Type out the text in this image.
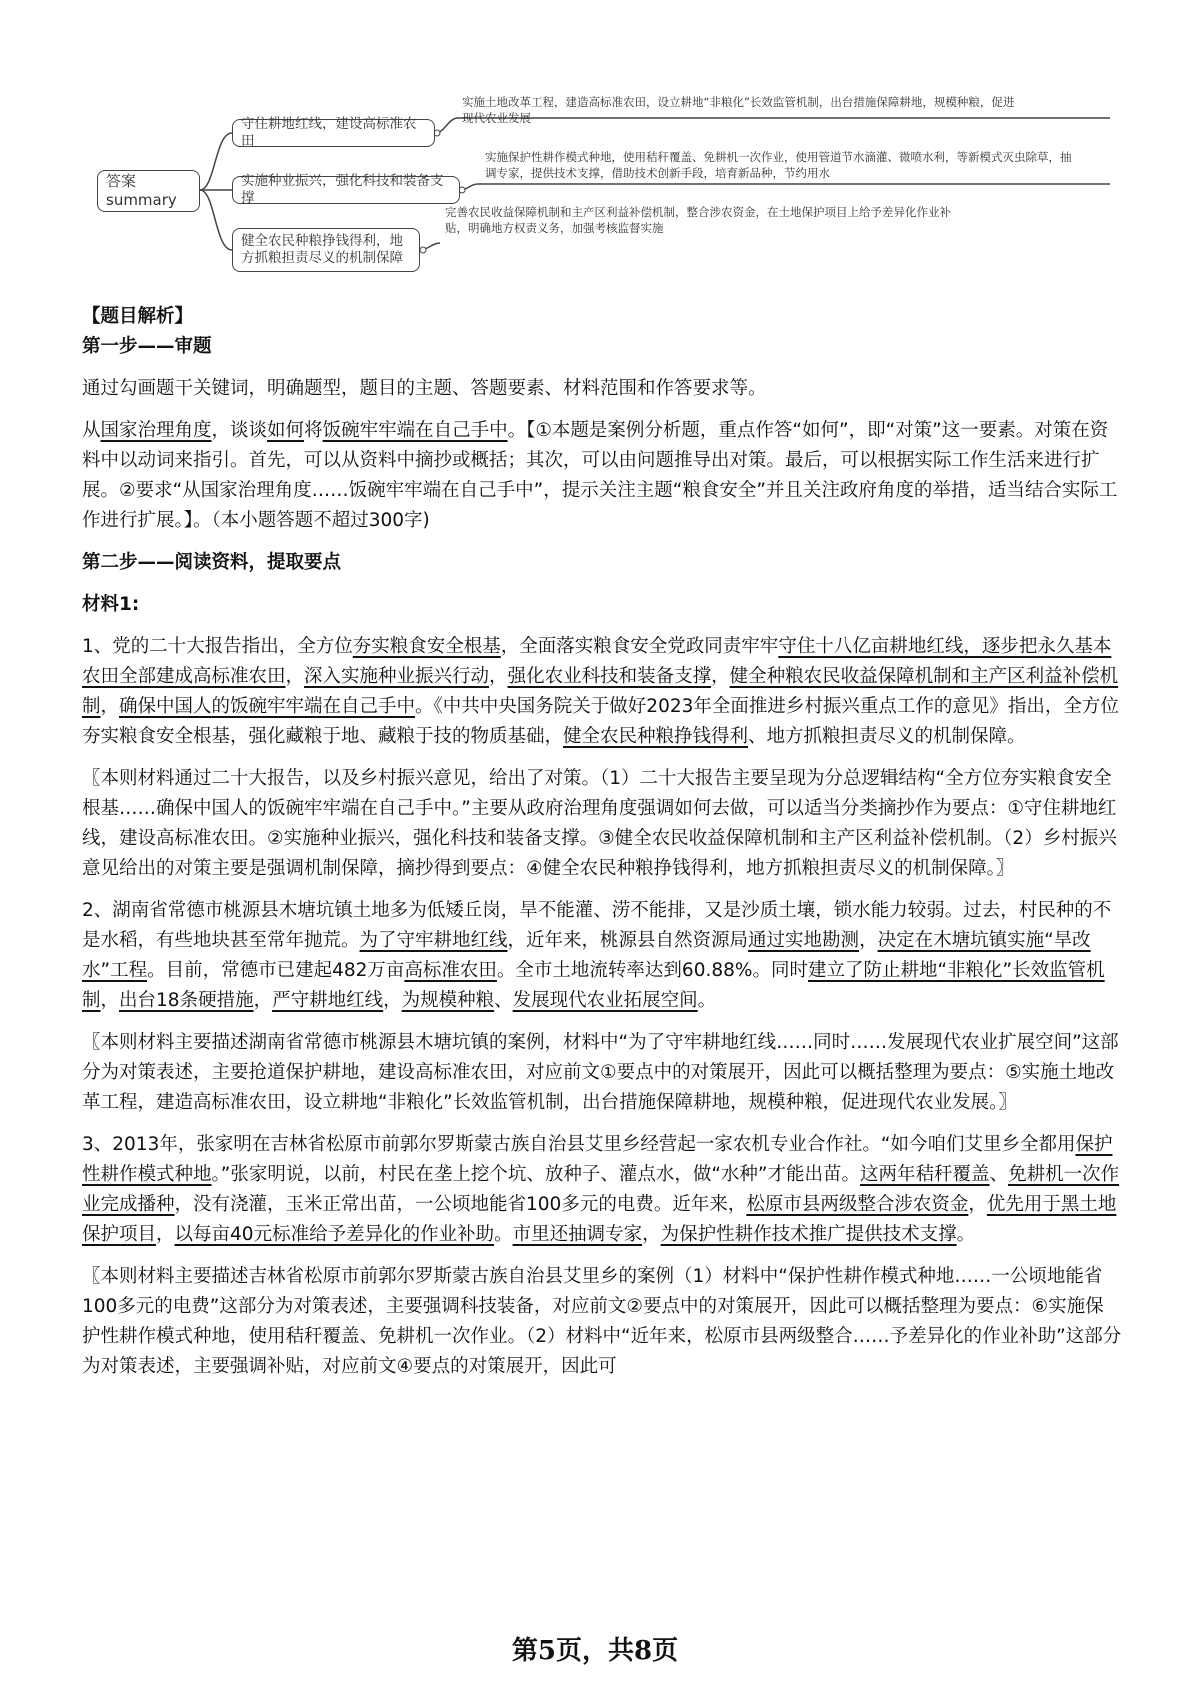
答案summary
守住耕地红线，建设高标准农田
实施种业振兴，强化科技和装备支撑
健全农民种粮挣钱得利，地方抓粮担责尽义的机制保障
实施土地改革工程，建造高标准农田，设立耕地“非粮化”长效监管机制，出台措施保障耕地，规模种粮，促进现代农业发展
实施保护性耕作模式种地，使用秸秆覆盖、免耕机一次作业，使用管道节水滴灌、微喷水利，等新模式灭虫除草，抽调专家，提供技术支撑，借助技术创新手段，培育新品种，节约用水
完善农民收益保障机制和主产区利益补偿机制，整合涉农资金，在土地保护项目上给予差异化作业补贴，明确地方权责义务，加强考核监督实施

【题目解析】

第一步——审题

通过勾画题干关键词，明确题型，题目的主题、答题要素、材料范围和作答要求等。

从国家治理角度，谈谈如何将饭碗牢牢端在自己手中。【①本题是案例分析题，重点作答“如何”，即“对策”这一要素。对策在资料中以动词来指引。首先，可以从资料中摘抄或概括；其次，可以由问题推导出对策。最后，可以根据实际工作生活来进行扩展。②要求“从国家治理角度……饭碗牢牢端在自己手中”，提示关注主题“粮食安全”并且关注政府角度的举措，适当结合实际工作进行扩展。】。（本小题答题不超过300字)

第二步——阅读资料，提取要点

材料1:

1、党的二十大报告指出，全方位夯实粮食安全根基，全面落实粮食安全党政同责牢牢守住十八亿亩耕地红线，逐步把永久基本农田全部建成高标准农田，深入实施种业振兴行动，强化农业科技和装备支撑，健全种粮农民收益保障机制和主产区利益补偿机制，确保中国人的饭碗牢牢端在自己手中。《中共中央国务院关于做好2023年全面推进乡村振兴重点工作的意见》指出，全方位夯实粮食安全根基，强化藏粮于地、藏粮于技的物质基础，健全农民种粮挣钱得利、地方抓粮担责尽义的机制保障。

〖本则材料通过二十大报告，以及乡村振兴意见，给出了对策。（1）二十大报告主要呈现为分总逻辑结构“全方位夯实粮食安全根基……确保中国人的饭碗牢牢端在自己手中。”主要从政府治理角度强调如何去做，可以适当分类摘抄作为要点：①守住耕地红线，建设高标准农田。②实施种业振兴，强化科技和装备支撑。③健全农民收益保障机制和主产区利益补偿机制。（2）乡村振兴意见给出的对策主要是强调机制保障，摘抄得到要点：④健全农民种粮挣钱得利，地方抓粮担责尽义的机制保障。〗

2、湖南省常德市桃源县木塘坑镇土地多为低矮丘岗，旱不能灌、涝不能排，又是沙质土壤，锁水能力较弱。过去，村民种的不是水稻，有些地块甚至常年抛荒。为了守牢耕地红线，近年来，桃源县自然资源局通过实地勘测，决定在木塘坑镇实施“旱改水”工程。目前，常德市已建起482万亩高标准农田。全市土地流转率达到60.88%。同时建立了防止耕地“非粮化”长效监管机制，出台18条硬措施，严守耕地红线，为规模种粮、发展现代农业拓展空间。

〖本则材料主要描述湖南省常德市桃源县木塘坑镇的案例，材料中“为了守牢耕地红线……同时……发展现代农业扩展空间”这部分为对策表述，主要抢道保护耕地，建设高标准农田，对应前文①要点中的对策展开，因此可以概括整理为要点：⑤实施土地改革工程，建造高标准农田，设立耕地“非粮化”长效监管机制，出台措施保障耕地，规模种粮，促进现代农业发展。〗

3、2013年，张家明在吉林省松原市前郭尔罗斯蒙古族自治县艾里乡经营起一家农机专业合作社。“如今咱们艾里乡全都用保护性耕作模式种地。”张家明说，以前，村民在垄上挖个坑、放种子、灌点水，做“水种”才能出苗。这两年秸秆覆盖、免耕机一次作业完成播种，没有浇灌，玉米正常出苗，一公顷地能省100多元的电费。近年来，松原市县两级整合涉农资金，优先用于黑土地保护项目，以每亩40元标准给予差异化的作业补助。市里还抽调专家，为保护性耕作技术推广提供技术支撑。

〖本则材料主要描述吉林省松原市前郭尔罗斯蒙古族自治县艾里乡的案例（1）材料中“保护性耕作模式种地……一公顷地能省100多元的电费”这部分为对策表述，主要强调科技装备，对应前文②要点中的对策展开，因此可以概括整理为要点：⑥实施保护性耕作模式种地，使用秸秆覆盖、免耕机一次作业。（2）材料中“近年来，松原市县两级整合……予差异化的作业补助”这部分为对策表述，主要强调补贴，对应前文④要点的对策展开，因此可

第5页，共8页
